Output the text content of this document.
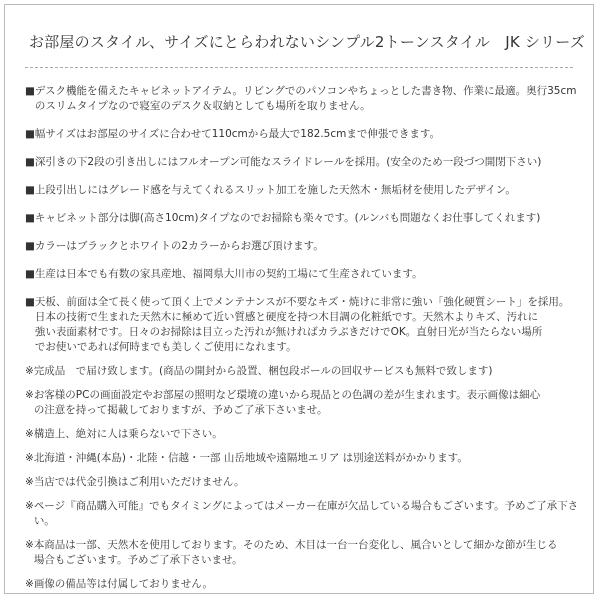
お部屋のスタイル、サイズにとらわれないシンプル2トーンスタイル　JK シリーズ
■ デスク機能を備えたキャビネットアイテム。リビングでのパソコンやちょっとした書き物、作業に最適。奥行35cm
のスリムタイプなので寝室のデスク＆収納としても場所を取りません。
■ 幅サイズはお部屋のサイズに合わせて110cmから最大で182.5cmまで伸張できます。
■ 深引きの下2段の引き出しにはフルオープン可能なスライドレールを採用。(安全のため一段づつ開閉下さい)
■ 上段引出しにはグレード感を与えてくれるスリット加工を施した天然木・無垢材を使用したデザイン。
■ キャビネット部分は脚(高さ10cm)タイプなのでお掃除も楽々です。(ルンバも問題なくお仕事してくれます)
■ カラーはブラックとホワイトの2カラーからお選び頂けます。
■ 生産は日本でも有数の家具産地、福岡県大川市の契約工場にて生産されています。
■ 天板、前面は全て長く使って頂く上でメンテナンスが不要なキズ・焼けに非常に強い「強化硬質シート」を採用。
日本の技術で生まれた天然木に極めて近い質感と硬度を持つ木目調の化粧紙です。天然木よりキズ、汚れに
強い表面素材です。日々のお掃除は目立った汚れが無ければカラぶきだけでOK。直射日光が当たらない場所
でお使いであれば何時までも美しくご使用になれます。
※ 完成品　で届け致します。(商品の開封から設置、梱包段ボールの回収サービスも無料で致します)
※ お客様のPCの画面設定やお部屋の照明など環境の違いから現品との色調の差が生まれます。表示画像は細心
の注意を持って掲載しておりますが、予めご了承下さいませ。
※ 構造上、絶対に人は乗らないで下さい。
※ 北海道・沖縄(本島)・北陸・信越・一部 山岳地域や遠隔地エリア は別途送料がかかります。
※ 当店では代金引換はご利用いただけません。
※ ページ『商品購入可能』でもタイミングによってはメーカー在庫が欠品している場合もございます。予めご了承下さい。
※ 本商品は一部、天然木を使用しております。そのため、木目は一台一台変化し、風合いとして細かな節が生じる
場合もございます。予めご了承下さいませ。
※ 画像の備品等は付属しておりません。
